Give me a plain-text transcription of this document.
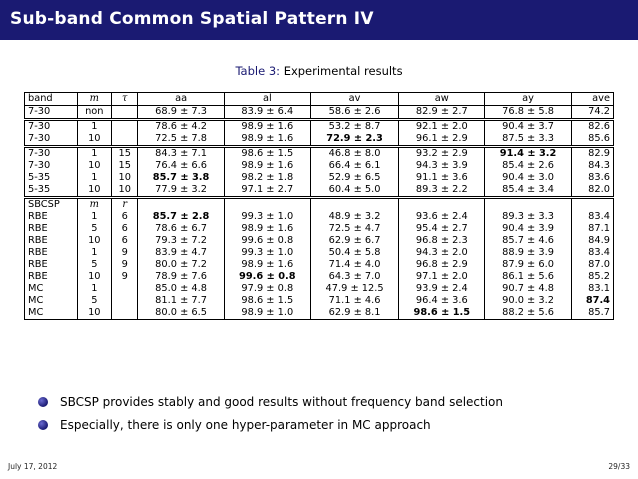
Sub-band Common Spatial Pattern IV
Table 3: Experimental results
band	m	τ	aa	al	av	aw	ay	ave
7-30	non		68.9 ± 7.3	83.9 ± 6.4	58.6 ± 2.6	82.9 ± 2.7	76.8 ± 5.8	74.2
7-30	1		78.6 ± 4.2	98.9 ± 1.6	53.2 ± 8.7	92.1 ± 2.0	90.4 ± 3.7	82.6
7-30	10		72.5 ± 7.8	98.9 ± 1.6	72.9 ± 2.3	96.1 ± 2.9	87.5 ± 3.3	85.6
7-30	1	15	84.3 ± 7.1	98.6 ± 1.5	46.8 ± 8.0	93.2 ± 2.9	91.4 ± 3.2	82.9
7-30	10	15	76.4 ± 6.6	98.9 ± 1.6	66.4 ± 6.1	94.3 ± 3.9	85.4 ± 2.6	84.3
5-35	1	10	85.7 ± 3.8	98.2 ± 1.8	52.9 ± 6.5	91.1 ± 3.6	90.4 ± 3.0	83.6
5-35	10	10	77.9 ± 3.2	97.1 ± 2.7	60.4 ± 5.0	89.3 ± 2.2	85.4 ± 3.4	82.0
SBCSP	m	r						
RBE	1	6	85.7 ± 2.8	99.3 ± 1.0	48.9 ± 3.2	93.6 ± 2.4	89.3 ± 3.3	83.4
RBE	5	6	78.6 ± 6.7	98.9 ± 1.6	72.5 ± 4.7	95.4 ± 2.7	90.4 ± 3.9	87.1
RBE	10	6	79.3 ± 7.2	99.6 ± 0.8	62.9 ± 6.7	96.8 ± 2.3	85.7 ± 4.6	84.9
RBE	1	9	83.9 ± 4.7	99.3 ± 1.0	50.4 ± 5.8	94.3 ± 2.0	88.9 ± 3.9	83.4
RBE	5	9	80.0 ± 7.2	98.9 ± 1.6	71.4 ± 4.0	96.8 ± 2.9	87.9 ± 6.0	87.0
RBE	10	9	78.9 ± 7.6	99.6 ± 0.8	64.3 ± 7.0	97.1 ± 2.0	86.1 ± 5.6	85.2
MC	1		85.0 ± 4.8	97.9 ± 0.8	47.9 ± 12.5	93.9 ± 2.4	90.7 ± 4.8	83.1
MC	5		81.1 ± 7.7	98.6 ± 1.5	71.1 ± 4.6	96.4 ± 3.6	90.0 ± 3.2	87.4
MC	10		80.0 ± 6.5	98.9 ± 1.0	62.9 ± 8.1	98.6 ± 1.5	88.2 ± 5.6	85.7
SBCSP provides stably and good results without frequency band selection
Especially, there is only one hyper-parameter in MC approach
July 17, 2012	29/33
